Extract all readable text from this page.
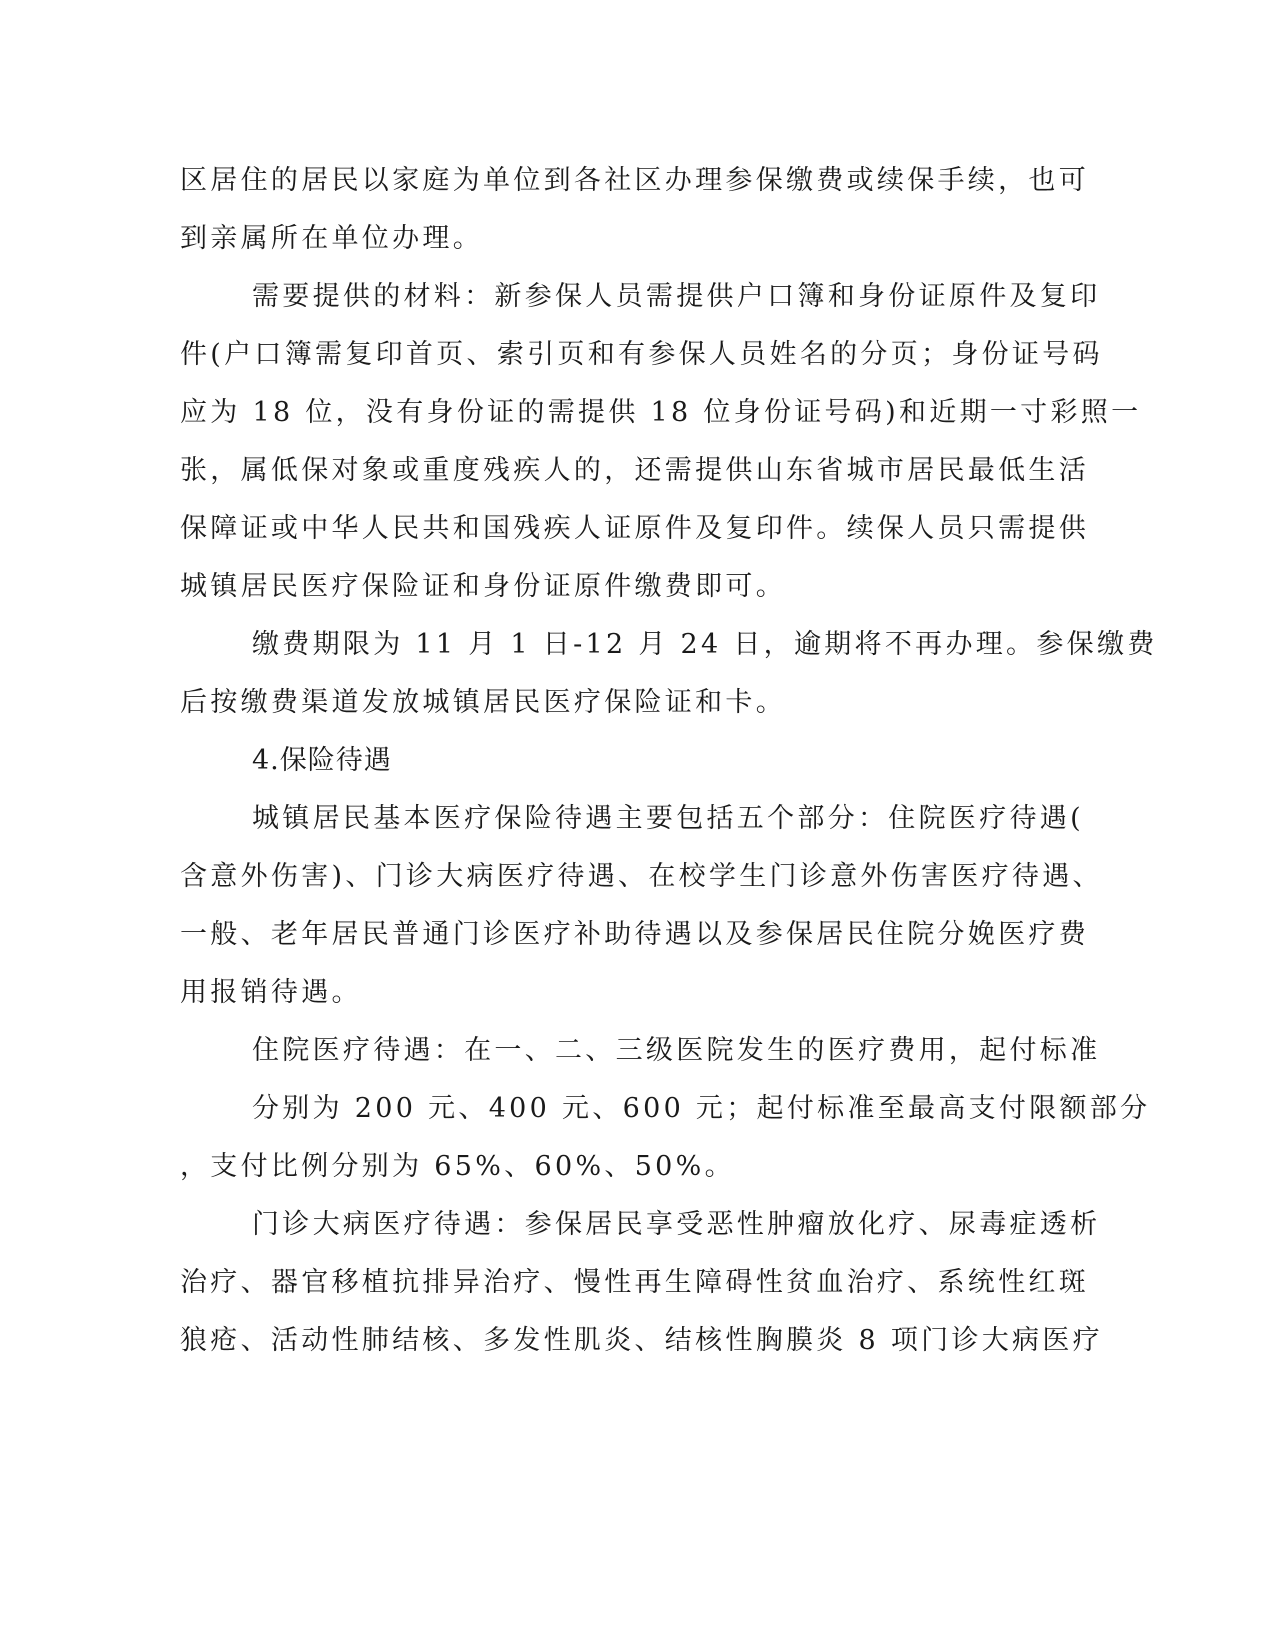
区居住的居民以家庭为单位到各社区办理参保缴费或续保手续，也可
到亲属所在单位办理。
需要提供的材料：新参保人员需提供户口簿和身份证原件及复印
件(户口簿需复印首页、索引页和有参保人员姓名的分页；身份证号码
应为 18 位，没有身份证的需提供 18 位身份证号码)和近期一寸彩照一
张，属低保对象或重度残疾人的，还需提供山东省城市居民最低生活
保障证或中华人民共和国残疾人证原件及复印件。续保人员只需提供
城镇居民医疗保险证和身份证原件缴费即可。
缴费期限为 11 月 1 日-12 月 24 日，逾期将不再办理。参保缴费
后按缴费渠道发放城镇居民医疗保险证和卡。
4.保险待遇
城镇居民基本医疗保险待遇主要包括五个部分：住院医疗待遇(
含意外伤害)、门诊大病医疗待遇、在校学生门诊意外伤害医疗待遇、
一般、老年居民普通门诊医疗补助待遇以及参保居民住院分娩医疗费
用报销待遇。
住院医疗待遇：在一、二、三级医院发生的医疗费用，起付标准
分别为 200 元、400 元、600 元；起付标准至最高支付限额部分
，支付比例分别为 65%、60%、50%。
门诊大病医疗待遇：参保居民享受恶性肿瘤放化疗、尿毒症透析
治疗、器官移植抗排异治疗、慢性再生障碍性贫血治疗、系统性红斑
狼疮、活动性肺结核、多发性肌炎、结核性胸膜炎 8 项门诊大病医疗
